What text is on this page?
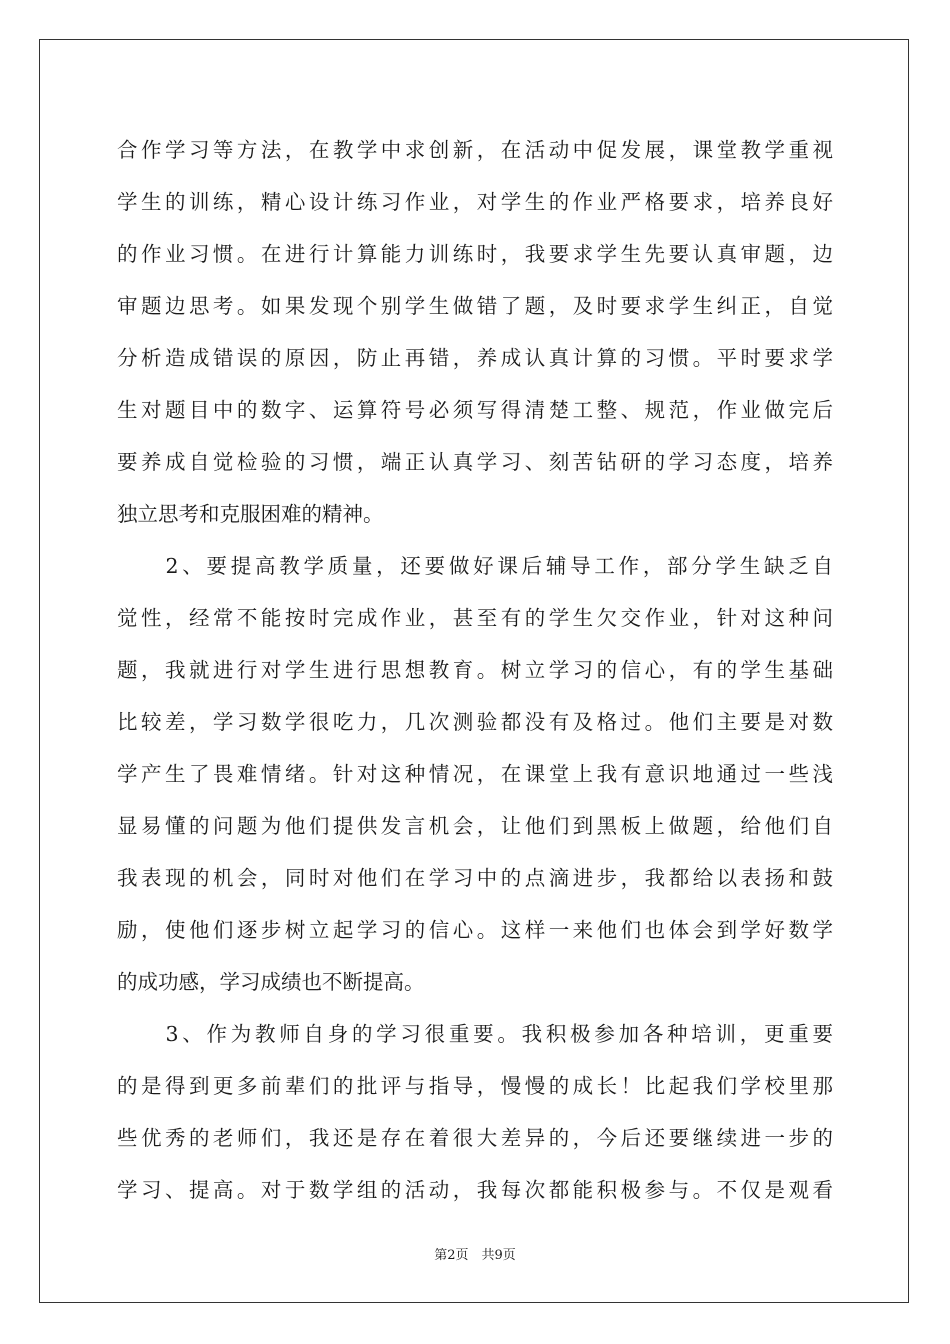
合作学习等方法，在教学中求创新，在活动中促发展，课堂教学重视
学生的训练，精心设计练习作业，对学生的作业严格要求，培养良好
的作业习惯。在进行计算能力训练时，我要求学生先要认真审题，边
审题边思考。如果发现个别学生做错了题，及时要求学生纠正，自觉
分析造成错误的原因，防止再错，养成认真计算的习惯。平时要求学
生对题目中的数字、运算符号必须写得清楚工整、规范，作业做完后
要养成自觉检验的习惯，端正认真学习、刻苦钻研的学习态度，培养
独立思考和克服困难的精神。
　　2、要提高教学质量，还要做好课后辅导工作，部分学生缺乏自
觉性，经常不能按时完成作业，甚至有的学生欠交作业，针对这种问
题，我就进行对学生进行思想教育。树立学习的信心，有的学生基础
比较差，学习数学很吃力，几次测验都没有及格过。他们主要是对数
学产生了畏难情绪。针对这种情况，在课堂上我有意识地通过一些浅
显易懂的问题为他们提供发言机会，让他们到黑板上做题，给他们自
我表现的机会，同时对他们在学习中的点滴进步，我都给以表扬和鼓
励，使他们逐步树立起学习的信心。这样一来他们也体会到学好数学
的成功感，学习成绩也不断提高。
　　3、作为教师自身的学习很重要。我积极参加各种培训，更重要
的是得到更多前辈们的批评与指导，慢慢的成长！比起我们学校里那
些优秀的老师们，我还是存在着很大差异的，今后还要继续进一步的
学习、提高。对于数学组的活动，我每次都能积极参与。不仅是观看
第2页　共9页
